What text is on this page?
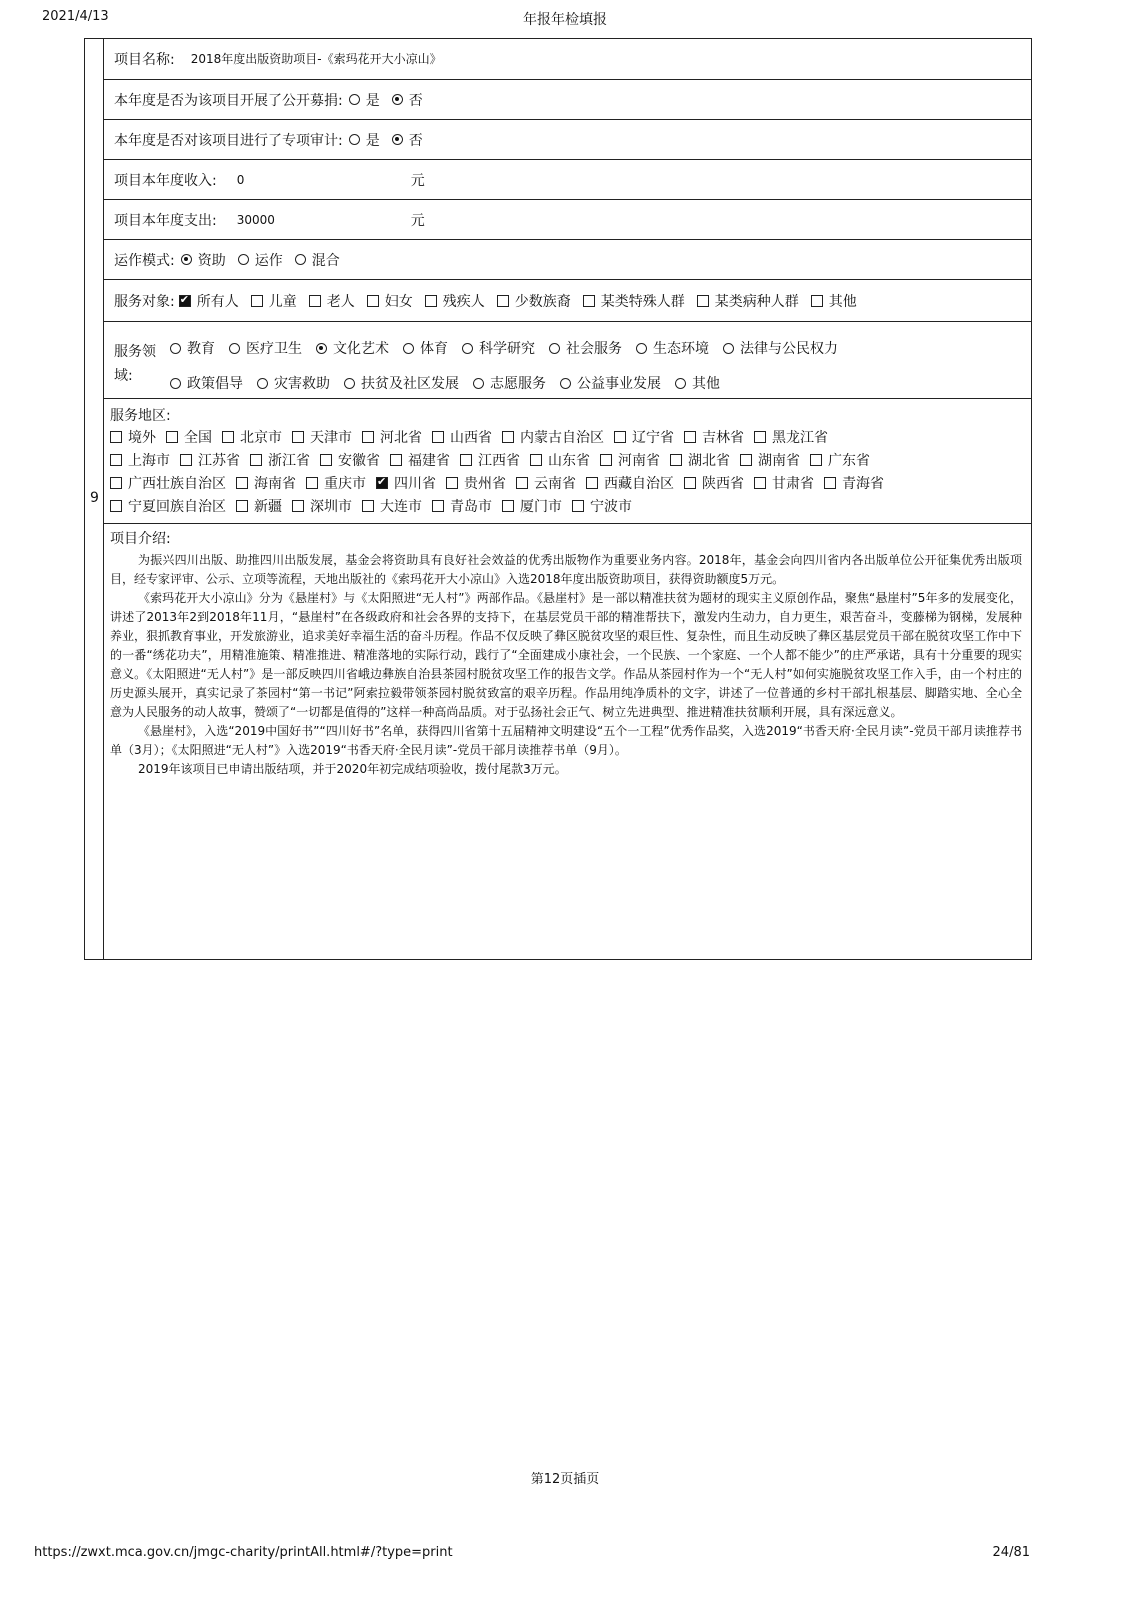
2021/4/13	年报年检填报
9
项目名称: 2018年度出版资助项目-《索玛花开大小凉山》
本年度是否为该项目开展了公开募捐: 是 否
本年度是否对该项目进行了专项审计: 是 否
项目本年度收入: 0	元
项目本年度支出: 30000	元
运作模式: 资助 运作 混合
服务对象: ✔ 所有人 儿童 老人 妇女 残疾人 少数族裔 某类特殊人群 某类病种人群 其他
服务领
域:
教育 医疗卫生 文化艺术 体育 科学研究 社会服务 生态环境 法律与公民权力
政策倡导 灾害救助 扶贫及社区发展 志愿服务 公益事业发展 其他
服务地区:
境外 全国 北京市 天津市 河北省 山西省 内蒙古自治区 辽宁省 吉林省 黑龙江省
上海市 江苏省 浙江省 安徽省 福建省 江西省 山东省 河南省 湖北省 湖南省 广东省
广西壮族自治区 海南省 重庆市 ✔ 四川省 贵州省 云南省 西藏自治区 陕西省 甘肃省 青海省
宁夏回族自治区 新疆 深圳市 大连市 青岛市 厦门市 宁波市
项目介绍:

为振兴四川出版、助推四川出版发展，基金会将资助具有良好社会效益的优秀出版物作为重要业务内容。2018年，基金会向四川省内各出版单位公开征集优秀出版项目，经专家评审、公示、立项等流程，天地出版社的《索玛花开大小凉山》入选2018年度出版资助项目，获得资助额度5万元。

《索玛花开大小凉山》分为《悬崖村》与《太阳照进“无人村”》两部作品。《悬崖村》是一部以精准扶贫为题材的现实主义原创作品，聚焦“悬崖村”5年多的发展变化，讲述了2013年2到2018年11月，“悬崖村”在各级政府和社会各界的支持下，在基层党员干部的精准帮扶下，激发内生动力，自力更生，艰苦奋斗，变藤梯为钢梯，发展种养业，狠抓教育事业，开发旅游业，追求美好幸福生活的奋斗历程。作品不仅反映了彝区脱贫攻坚的艰巨性、复杂性，而且生动反映了彝区基层党员干部在脱贫攻坚工作中下的一番“绣花功夫”，用精准施策、精准推进、精准落地的实际行动，践行了“全面建成小康社会，一个民族、一个家庭、一个人都不能少”的庄严承诺，具有十分重要的现实意义。《太阳照进“无人村”》是一部反映四川省峨边彝族自治县茶园村脱贫攻坚工作的报告文学。作品从茶园村作为一个“无人村”如何实施脱贫攻坚工作入手，由一个村庄的历史源头展开，真实记录了茶园村“第一书记”阿索拉毅带领茶园村脱贫致富的艰辛历程。作品用纯净质朴的文字，讲述了一位普通的乡村干部扎根基层、脚踏实地、全心全意为人民服务的动人故事，赞颂了“一切都是值得的”这样一种高尚品质。对于弘扬社会正气、树立先进典型、推进精准扶贫顺利开展，具有深远意义。

《悬崖村》，入选“2019中国好书”“四川好书”名单，获得四川省第十五届精神文明建设“五个一工程”优秀作品奖，入选2019“书香天府·全民月读”-党员干部月读推荐书单（3月）；《太阳照进“无人村”》入选2019“书香天府·全民月读”-党员干部月读推荐书单（9月）。

2019年该项目已申请出版结项，并于2020年初完成结项验收，拨付尾款3万元。

第12页插页
https://zwxt.mca.gov.cn/jmgc-charity/printAll.html#/?type=print	24/81
